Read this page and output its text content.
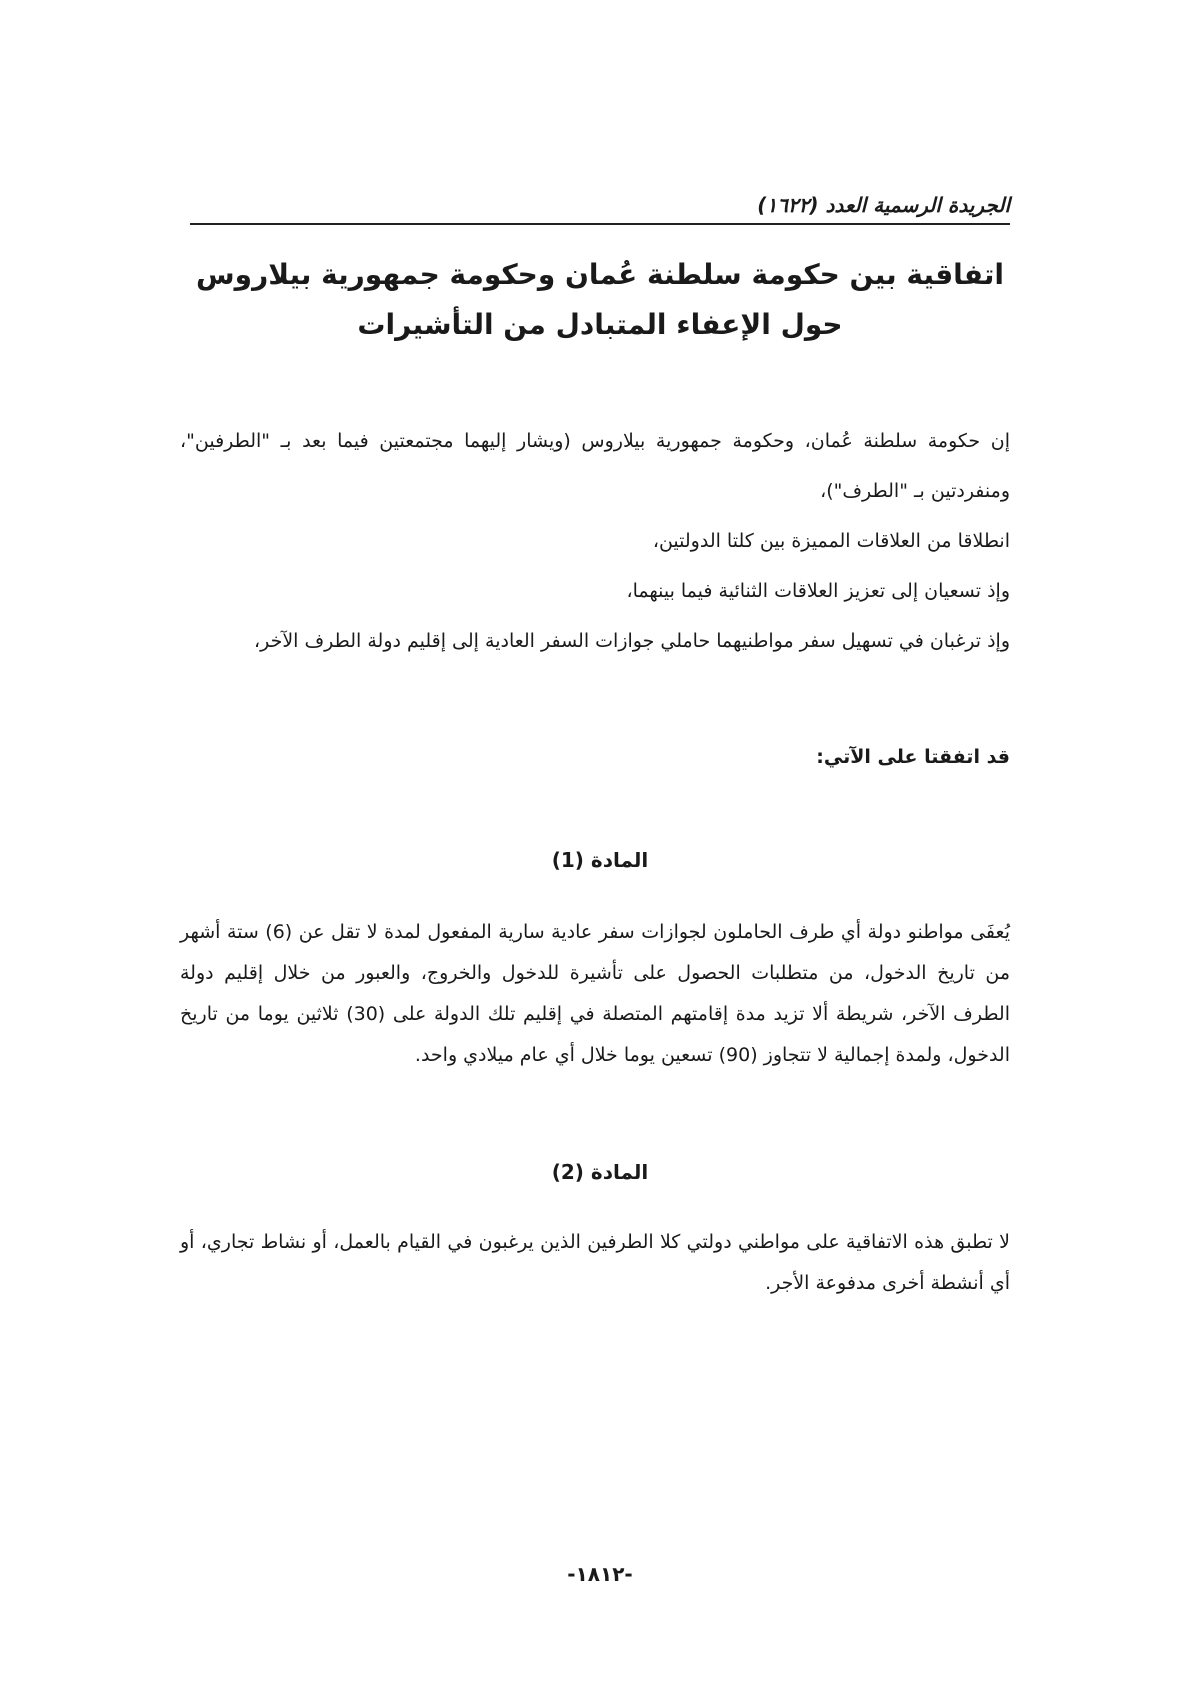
الجريدة الرسمية العدد (١٦٢٢)
اتفاقية بين حكومة سلطنة عُمان وحكومة جمهورية بيلاروس
حول الإعفاء المتبادل من التأشيرات

إن حكومة سلطنة عُمان، وحكومة جمهورية بيلاروس (ويشار إليهما مجتمعتين فيما بعد بـ "الطرفين"، ومنفردتين بـ "الطرف")،

انطلاقا من العلاقات المميزة بين كلتا الدولتين،

وإذ تسعيان إلى تعزيز العلاقات الثنائية فيما بينهما،

وإذ ترغبان في تسهيل سفر مواطنيهما حاملي جوازات السفر العادية إلى إقليم دولة الطرف الآخر،

قد اتفقتا على الآتي:
المادة (1)
يُعفَى مواطنو دولة أي طرف الحاملون لجوازات سفر عادية سارية المفعول لمدة لا تقل عن (6) ستة أشهر من تاريخ الدخول، من متطلبات الحصول على تأشيرة للدخول والخروج، والعبور من خلال إقليم دولة الطرف الآخر، شريطة ألا تزيد مدة إقامتهم المتصلة في إقليم تلك الدولة على (30) ثلاثين يوما من تاريخ الدخول، ولمدة إجمالية لا تتجاوز (90) تسعين يوما خلال أي عام ميلادي واحد.
المادة (2)
لا تطبق هذه الاتفاقية على مواطني دولتي كلا الطرفين الذين يرغبون في القيام بالعمل، أو نشاط تجاري، أو أي أنشطة أخرى مدفوعة الأجر.
-١٨١٢-
